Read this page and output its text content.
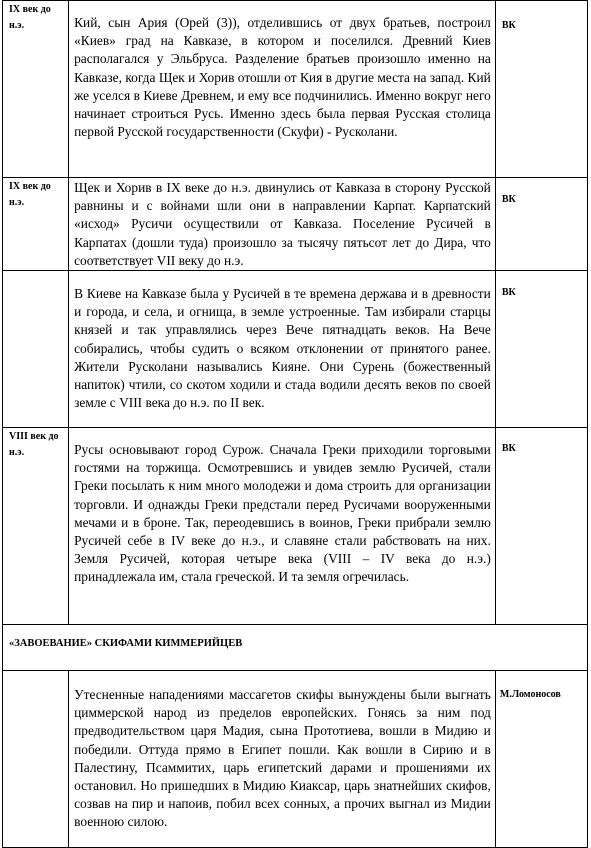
IX век до н.э.	Кий, сын Ария (Орей (3)), отделившись от двух братьев, построил «Киев» град на Кавказе, в котором и поселился. Древний Киев располагался у Эльбруса. Разделение братьев произошло именно на Кавказе, когда Щек и Хорив отошли от Кия в другие места на запад. Кий же уселся в Киеве Древнем, и ему все подчинились. Именно вокруг него начинает строиться Русь. Именно здесь была первая Русская столица первой Русской государственности (Скуфи) - Русколани.	ВК

IX век до н.э.	Щек и Хорив в IX веке до н.э. двинулись от Кавказа в сторону Русской равнины и с войнами шли они в направлении Карпат. Карпатский «исход» Русичи осуществили от Кавказа. Поселение Русичей в Карпатах (дошли туда) произошло за тысячу пятьсот лет до Дира, что соответствует VII веку до н.э.	ВК

	В Киеве на Кавказе была у Русичей в те времена держава и в древности и города, и села, и огнища, в земле устроенные. Там избирали старцы князей и так управлялись через Вече пятнадцать веков. На Вече собирались, чтобы судить о всяком отклонении от принятого ранее. Жители Русколани назывались Кияне. Они Сурень (божественный напиток) чтили, со скотом ходили и стада водили десять веков по своей земле с VIII века до н.э. по II век.	ВК

VIII век до н.э.	Русы основывают город Сурож. Сначала Греки приходили торговыми гостями на торжища. Осмотревшись и увидев землю Русичей, стали Греки посылать к ним много молодежи и дома строить для организации торговли. И однажды Греки предстали перед Русичами вооруженными мечами и в броне. Так, переодевшись в воинов, Греки прибрали землю Русичей себе в IV веке до н.э., и славяне стали рабствовать на них. Земля Русичей, которая четыре века (VIII – IV века до н.э.) принадлежала им, стала греческой. И та земля огречилась.	ВК

«ЗАВОЕВАНИЕ» СКИФАМИ КИММЕРИЙЦЕВ		

	Утесненные нападениями массагетов скифы вынуждены были выгнать циммерской народ из пределов европейских. Гонясь за ним под предводительством царя Мадия, сына Прототиева, вошли в Мидию и победили. Оттуда прямо в Египет пошли. Как вошли в Сирию и в Палестину, Псаммитих, царь египетский дарами и прошениями их остановил. Но пришедших в Мидию Киаксар, царь знатнейших скифов, созвав на пир и напоив, побил всех сонных, а прочих выгнал из Мидии военною силою.	М.Ломоносов
